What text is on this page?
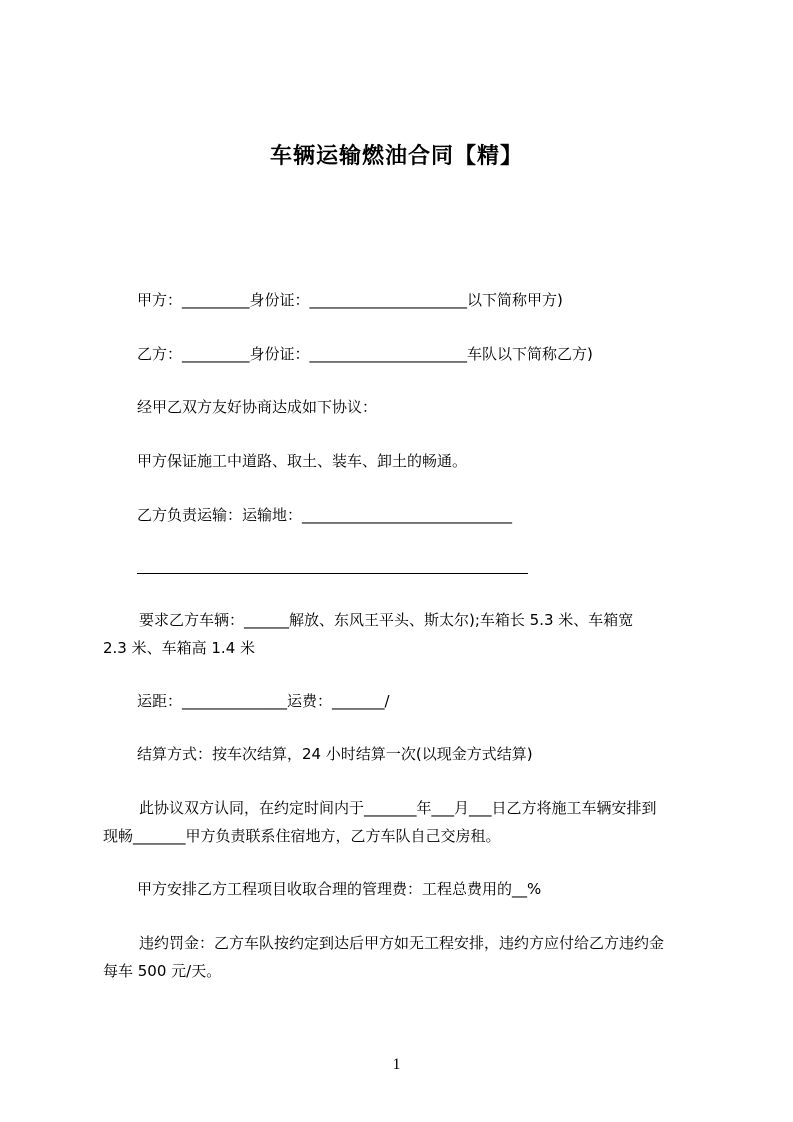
车辆运输燃油合同【精】
甲方：_________身份证：_____________________以下简称甲方)
乙方：_________身份证：_____________________车队以下简称乙方)
经甲乙双方友好协商达成如下协议：
甲方保证施工中道路、取土、装车、卸土的畅通。
乙方负责运输：运输地：____________________________
要求乙方车辆：______解放、东风王平头、斯太尔);车箱长 5.3 米、车箱宽
2.3 米、车箱高 1.4 米
运距：______________运费：_______/
结算方式：按车次结算，24 小时结算一次(以现金方式结算)
此协议双方认同，在约定时间内于_______年___月___日乙方将施工车辆安排到
现畅_______甲方负责联系住宿地方，乙方车队自己交房租。
甲方安排乙方工程项目收取合理的管理费：工程总费用的__%
违约罚金：乙方车队按约定到达后甲方如无工程安排，违约方应付给乙方违约金
每车 500 元/天。
1
